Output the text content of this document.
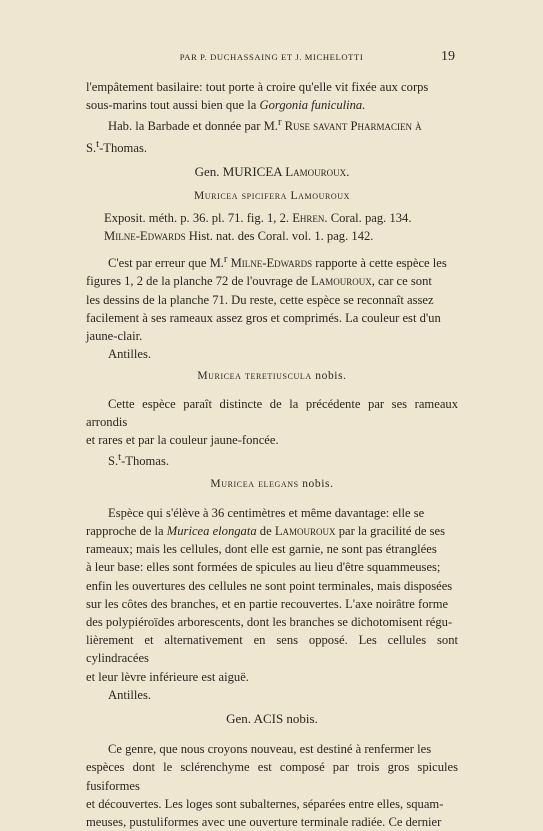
PAR P. DUCHASSAING ET J. MICHELOTTI	19

l'empâtement basilaire: tout porte à croire qu'elle vit fixée aux corps

sous-marins tout aussi bien que la Gorgonia funiculina.

Hab. la Barbade et donnée par M.$^r$ Ruse savant Pharmacien à

S.$^t$-Thomas.

Gen. MURICEA Lamouroux.

Muricea spicifera Lamouroux

Exposit. méth. p. 36. pl. 71. fig. 1, 2. Ehren. Coral. pag. 134.

Milne-Edwards Hist. nat. des Coral. vol. 1. pag. 142.

C'est par erreur que M.$^r$ Milne-Edwards rapporte à cette espèce les

figures 1, 2 de la planche 72 de l'ouvrage de Lamouroux, car ce sont

les dessins de la planche 71. Du reste, cette espèce se reconnaît assez

facilement à ses rameaux assez gros et comprimés. La couleur est d'un

jaune-clair.

Antilles.

Muricea teretiuscula nobis.

Cette espèce paraît distincte de la précédente par ses rameaux arrondis

et rares et par la couleur jaune-foncée.

S.$^t$-Thomas.

Muricea elegans nobis.

Espèce qui s'élève à 36 centimètres et même davantage: elle se

rapproche de la Muricea elongata de Lamouroux par la gracilité de ses

rameaux; mais les cellules, dont elle est garnie, ne sont pas étranglées

à leur base: elles sont formées de spicules au lieu d'être squammeuses;

enfin les ouvertures des cellules ne sont point terminales, mais disposées

sur les côtes des branches, et en partie recouvertes. L'axe noirâtre forme

des polypiéroïdes arborescents, dont les branches se dichotomisent régu-

lièrement et alternativement en sens opposé. Les cellules sont cylindracées

et leur lèvre inférieure est aiguë.

Antilles.

Gen. ACIS nobis.

Ce genre, que nous croyons nouveau, est destiné à renfermer les

espèces dont le sclérenchyme est composé par trois gros spicules fusiformes

et découvertes. Les loges sont subalternes, séparées entre elles, squam-

meuses, pustuliformes avec une ouverture terminale radiée. Ce dernier
